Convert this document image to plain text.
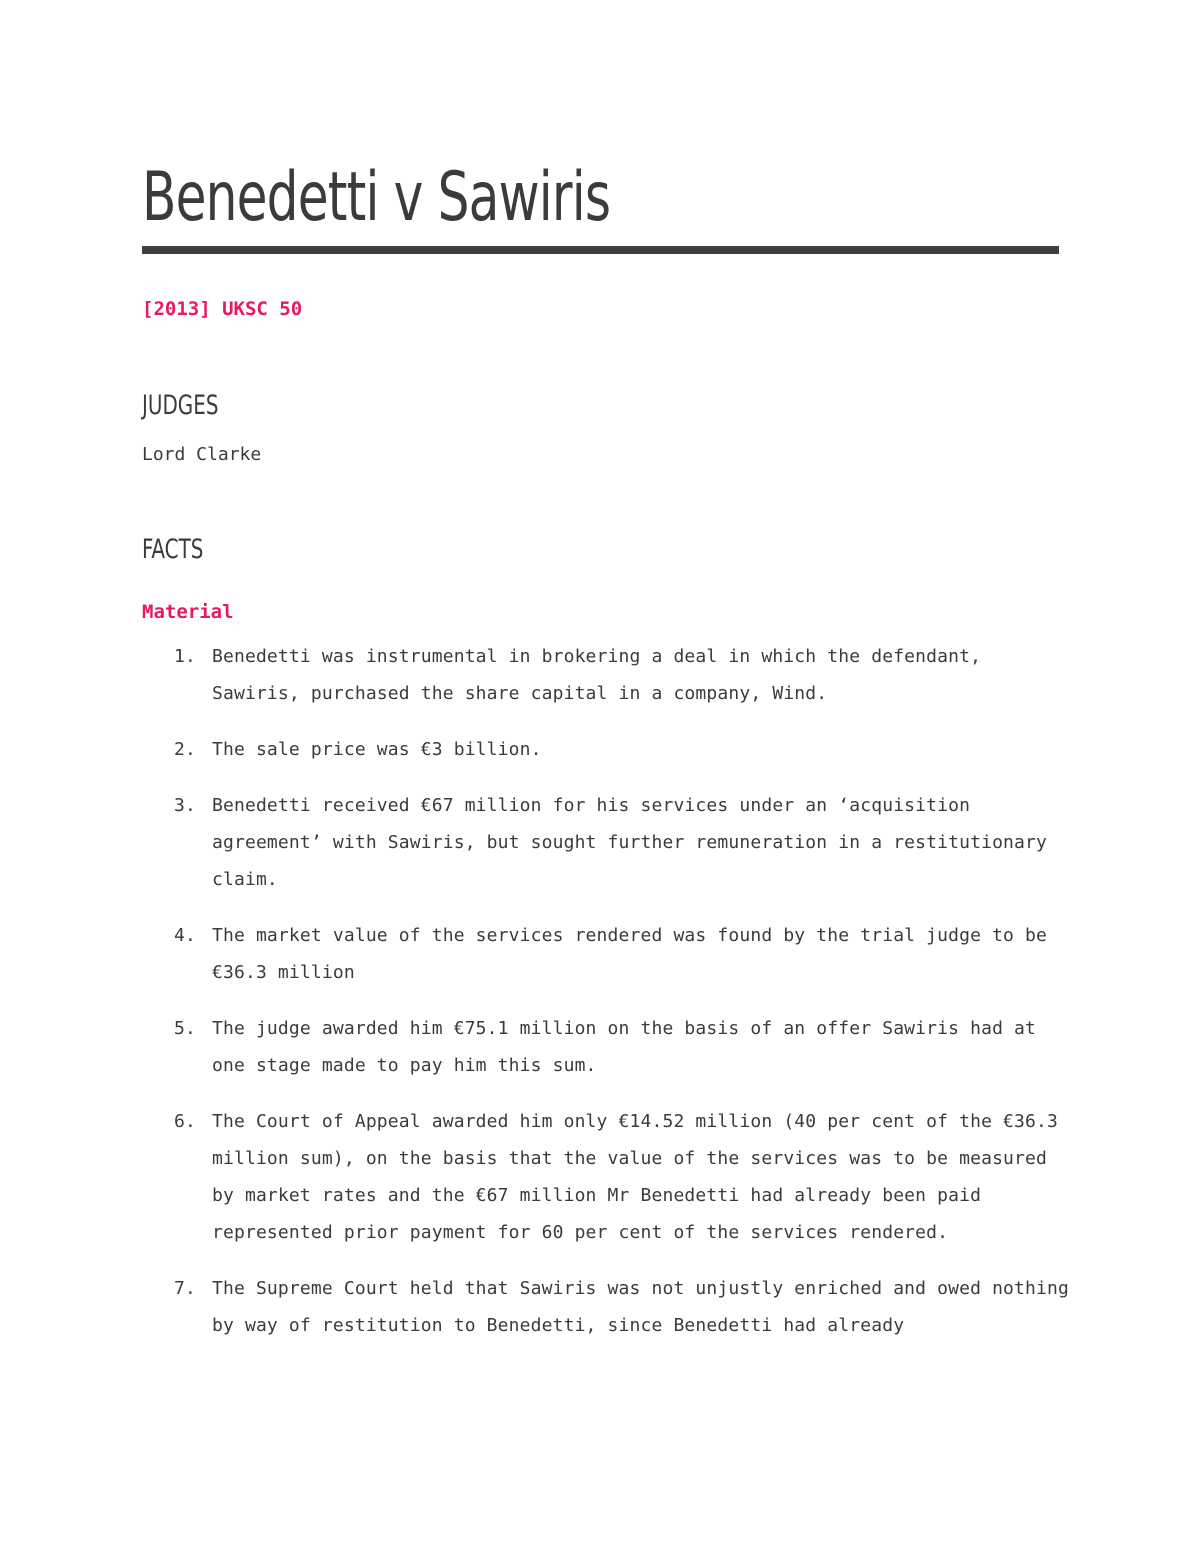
Benedetti v Sawiris
[2013] UKSC 50
JUDGES
Lord Clarke
FACTS
Material
1. Benedetti was instrumental in brokering a deal in which the defendant, Sawiris, purchased the share capital in a company, Wind.
2. The sale price was €3 billion.
3. Benedetti received €67 million for his services under an ‘acquisition agreement’ with Sawiris, but sought further remuneration in a restitutionary claim.
4. The market value of the services rendered was found by the trial judge to be €36.3 million
5. The judge awarded him €75.1 million on the basis of an offer Sawiris had at one stage made to pay him this sum.
6. The Court of Appeal awarded him only €14.52 million (40 per cent of the €36.3 million sum), on the basis that the value of the services was to be measured by market rates and the €67 million Mr Benedetti had already been paid represented prior payment for 60 per cent of the services rendered.
7. The Supreme Court held that Sawiris was not unjustly enriched and owed nothing by way of restitution to Benedetti, since Benedetti had already
